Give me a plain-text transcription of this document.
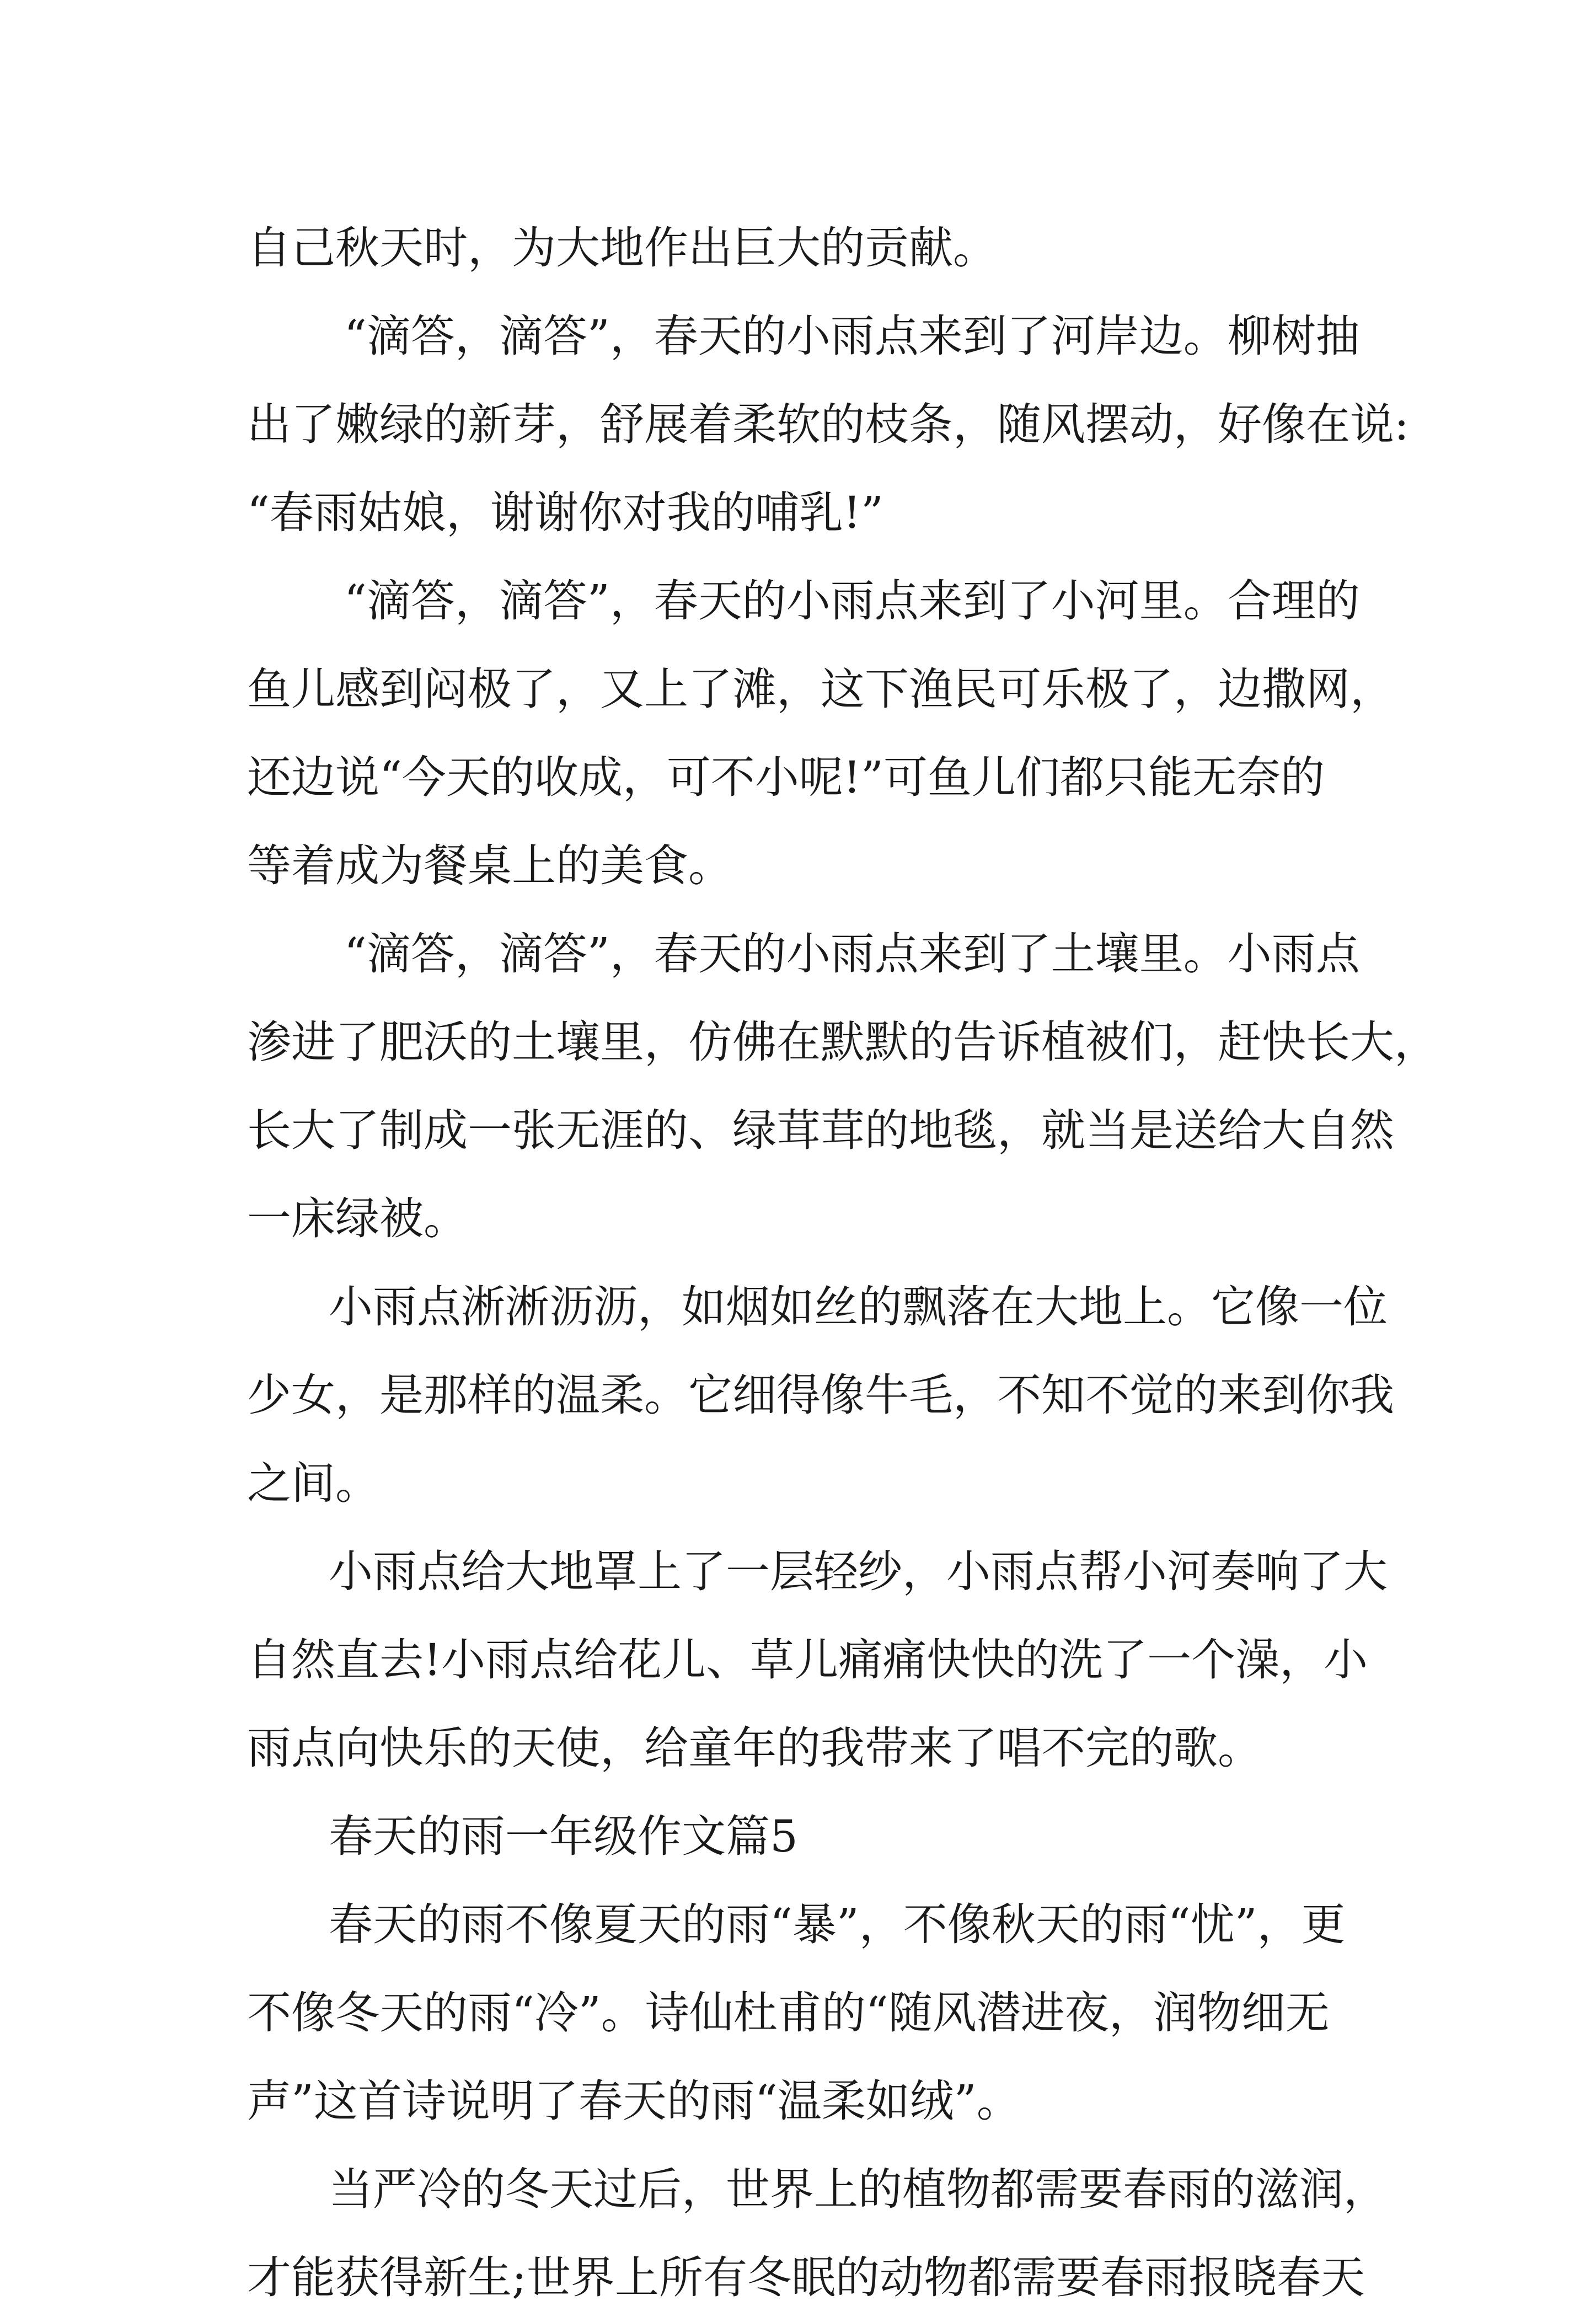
自己秋天时，为大地作出巨大的贡献。
“滴答，滴答”，春天的小雨点来到了河岸边。柳树抽
出了嫩绿的新芽，舒展着柔软的枝条，随风摆动，好像在说:
“春雨姑娘，谢谢你对我的哺乳!”
“滴答，滴答”，春天的小雨点来到了小河里。合理的
鱼儿感到闷极了，又上了滩，这下渔民可乐极了，边撒网，
还边说“今天的收成，可不小呢!”可鱼儿们都只能无奈的
等着成为餐桌上的美食。
“滴答，滴答”，春天的小雨点来到了土壤里。小雨点
渗进了肥沃的土壤里，仿佛在默默的告诉植被们，赶快长大，
长大了制成一张无涯的、绿茸茸的地毯，就当是送给大自然
一床绿被。
小雨点淅淅沥沥，如烟如丝的飘落在大地上。它像一位
少女，是那样的温柔。它细得像牛毛，不知不觉的来到你我
之间。
小雨点给大地罩上了一层轻纱，小雨点帮小河奏响了大
自然直去!小雨点给花儿、草儿痛痛快快的洗了一个澡，小
雨点向快乐的天使，给童年的我带来了唱不完的歌。
春天的雨一年级作文篇5
春天的雨不像夏天的雨“暴”，不像秋天的雨“忧”，更
不像冬天的雨“冷”。诗仙杜甫的“随风潜进夜，润物细无
声”这首诗说明了春天的雨“温柔如绒”。
当严冷的冬天过后，世界上的植物都需要春雨的滋润，
才能获得新生;世界上所有冬眠的动物都需要春雨报晓春天
